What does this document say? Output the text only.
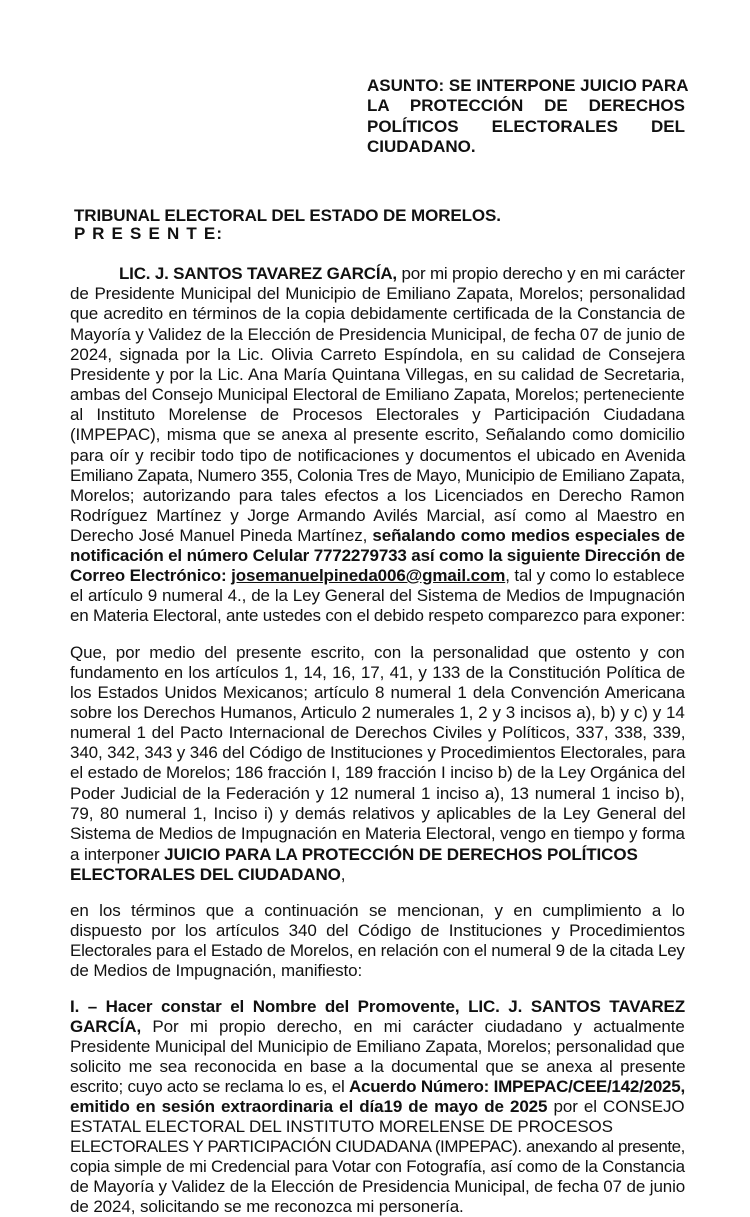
ASUNTO: SE INTERPONE JUICIO PARA
LA PROTECCIÓN DE DERECHOS
POLÍTICOS ELECTORALES DEL
CIUDADANO.
TRIBUNAL ELECTORAL DEL ESTADO DE MORELOS.
P R E S E N T E:
LIC. J. SANTOS TAVAREZ GARCÍA, por mi propio derecho y en mi carácter
de Presidente Municipal del Municipio de Emiliano Zapata, Morelos; personalidad
que acredito en términos de la copia debidamente certificada de la Constancia de
Mayoría y Validez de la Elección de Presidencia Municipal, de fecha 07 de junio de
2024, signada por la Lic. Olivia Carreto Espíndola, en su calidad de Consejera
Presidente y por la Lic. Ana María Quintana Villegas, en su calidad de Secretaria,
ambas del Consejo Municipal Electoral de Emiliano Zapata, Morelos; perteneciente
al Instituto Morelense de Procesos Electorales y Participación Ciudadana
(IMPEPAC), misma que se anexa al presente escrito, Señalando como domicilio
para oír y recibir todo tipo de notificaciones y documentos el ubicado en Avenida
Emiliano Zapata, Numero 355, Colonia Tres de Mayo, Municipio de Emiliano Zapata,
Morelos; autorizando para tales efectos a los Licenciados en Derecho Ramon
Rodríguez Martínez y Jorge Armando Avilés Marcial, así como al Maestro en
Derecho José Manuel Pineda Martínez, señalando como medios especiales de
notificación el número Celular 7772279733 así como la siguiente Dirección de
Correo Electrónico: josemanuelpineda006@gmail.com, tal y como lo establece
el artículo 9 numeral 4., de la Ley General del Sistema de Medios de Impugnación
en Materia Electoral, ante ustedes con el debido respeto comparezco para exponer:
Que, por medio del presente escrito, con la personalidad que ostento y con
fundamento en los artículos 1, 14, 16, 17, 41, y 133 de la Constitución Política de
los Estados Unidos Mexicanos; artículo 8 numeral 1 dela Convención Americana
sobre los Derechos Humanos, Articulo 2 numerales 1, 2 y 3 incisos a), b) y c) y 14
numeral 1 del Pacto Internacional de Derechos Civiles y Políticos, 337, 338, 339,
340, 342, 343 y 346 del Código de Instituciones y Procedimientos Electorales, para
el estado de Morelos; 186 fracción I, 189 fracción I inciso b) de la Ley Orgánica del
Poder Judicial de la Federación y 12 numeral 1 inciso a), 13 numeral 1 inciso b),
79, 80 numeral 1, Inciso i) y demás relativos y aplicables de la Ley General del
Sistema de Medios de Impugnación en Materia Electoral, vengo en tiempo y forma
a interponer JUICIO PARA LA PROTECCIÓN DE DERECHOS POLÍTICOS
ELECTORALES DEL CIUDADANO,
en los términos que a continuación se mencionan, y en cumplimiento a lo
dispuesto por los artículos 340 del Código de Instituciones y Procedimientos
Electorales para el Estado de Morelos, en relación con el numeral 9 de la citada Ley
de Medios de Impugnación, manifiesto:
I. – Hacer constar el Nombre del Promovente, LIC. J. SANTOS TAVAREZ
GARCÍA, Por mi propio derecho, en mi carácter ciudadano y actualmente
Presidente Municipal del Municipio de Emiliano Zapata, Morelos; personalidad que
solicito me sea reconocida en base a la documental que se anexa al presente
escrito; cuyo acto se reclama lo es, el Acuerdo Número: IMPEPAC/CEE/142/2025,
emitido en sesión extraordinaria el día19 de mayo de 2025 por el CONSEJO
ESTATAL ELECTORAL DEL INSTITUTO MORELENSE DE PROCESOS
ELECTORALES Y PARTICIPACIÓN CIUDADANA (IMPEPAC). anexando al presente,
copia simple de mi Credencial para Votar con Fotografía, así como de la Constancia
de Mayoría y Validez de la Elección de Presidencia Municipal, de fecha 07 de junio
de 2024, solicitando se me reconozca mi personería.
